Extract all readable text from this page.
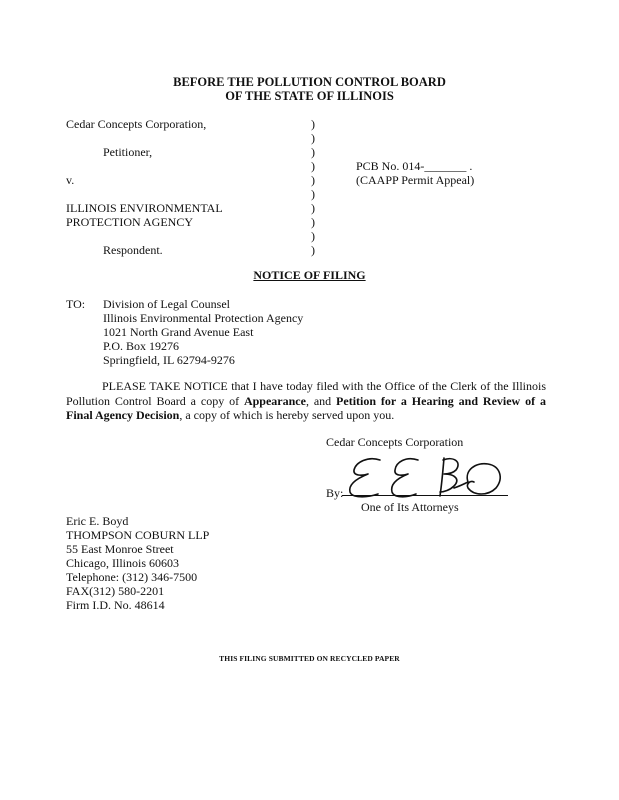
BEFORE THE POLLUTION CONTROL BOARD
OF THE STATE OF ILLINOIS
Cedar Concepts Corporation,
Petitioner,
v.
ILLINOIS ENVIRONMENTAL
PROTECTION AGENCY
Respondent.
)
)
)
)
)
)
)
)
)
)
PCB No. 014-_______ .
(CAAPP Permit Appeal)
NOTICE OF FILING
TO: Division of Legal Counsel
Illinois Environmental Protection Agency
1021 North Grand Avenue East
P.O. Box 19276
Springfield, IL 62794-9276
PLEASE TAKE NOTICE that I have today filed with the Office of the Clerk of the Illinois Pollution Control Board a copy of Appearance, and Petition for a Hearing and Review of a Final Agency Decision, a copy of which is hereby served upon you.
Cedar Concepts Corporation
By:
One of Its Attorneys
Eric E. Boyd
THOMPSON COBURN LLP
55 East Monroe Street
Chicago, Illinois 60603
Telephone: (312) 346-7500
FAX(312) 580-2201
Firm I.D. No. 48614
THIS FILING SUBMITTED ON RECYCLED PAPER
